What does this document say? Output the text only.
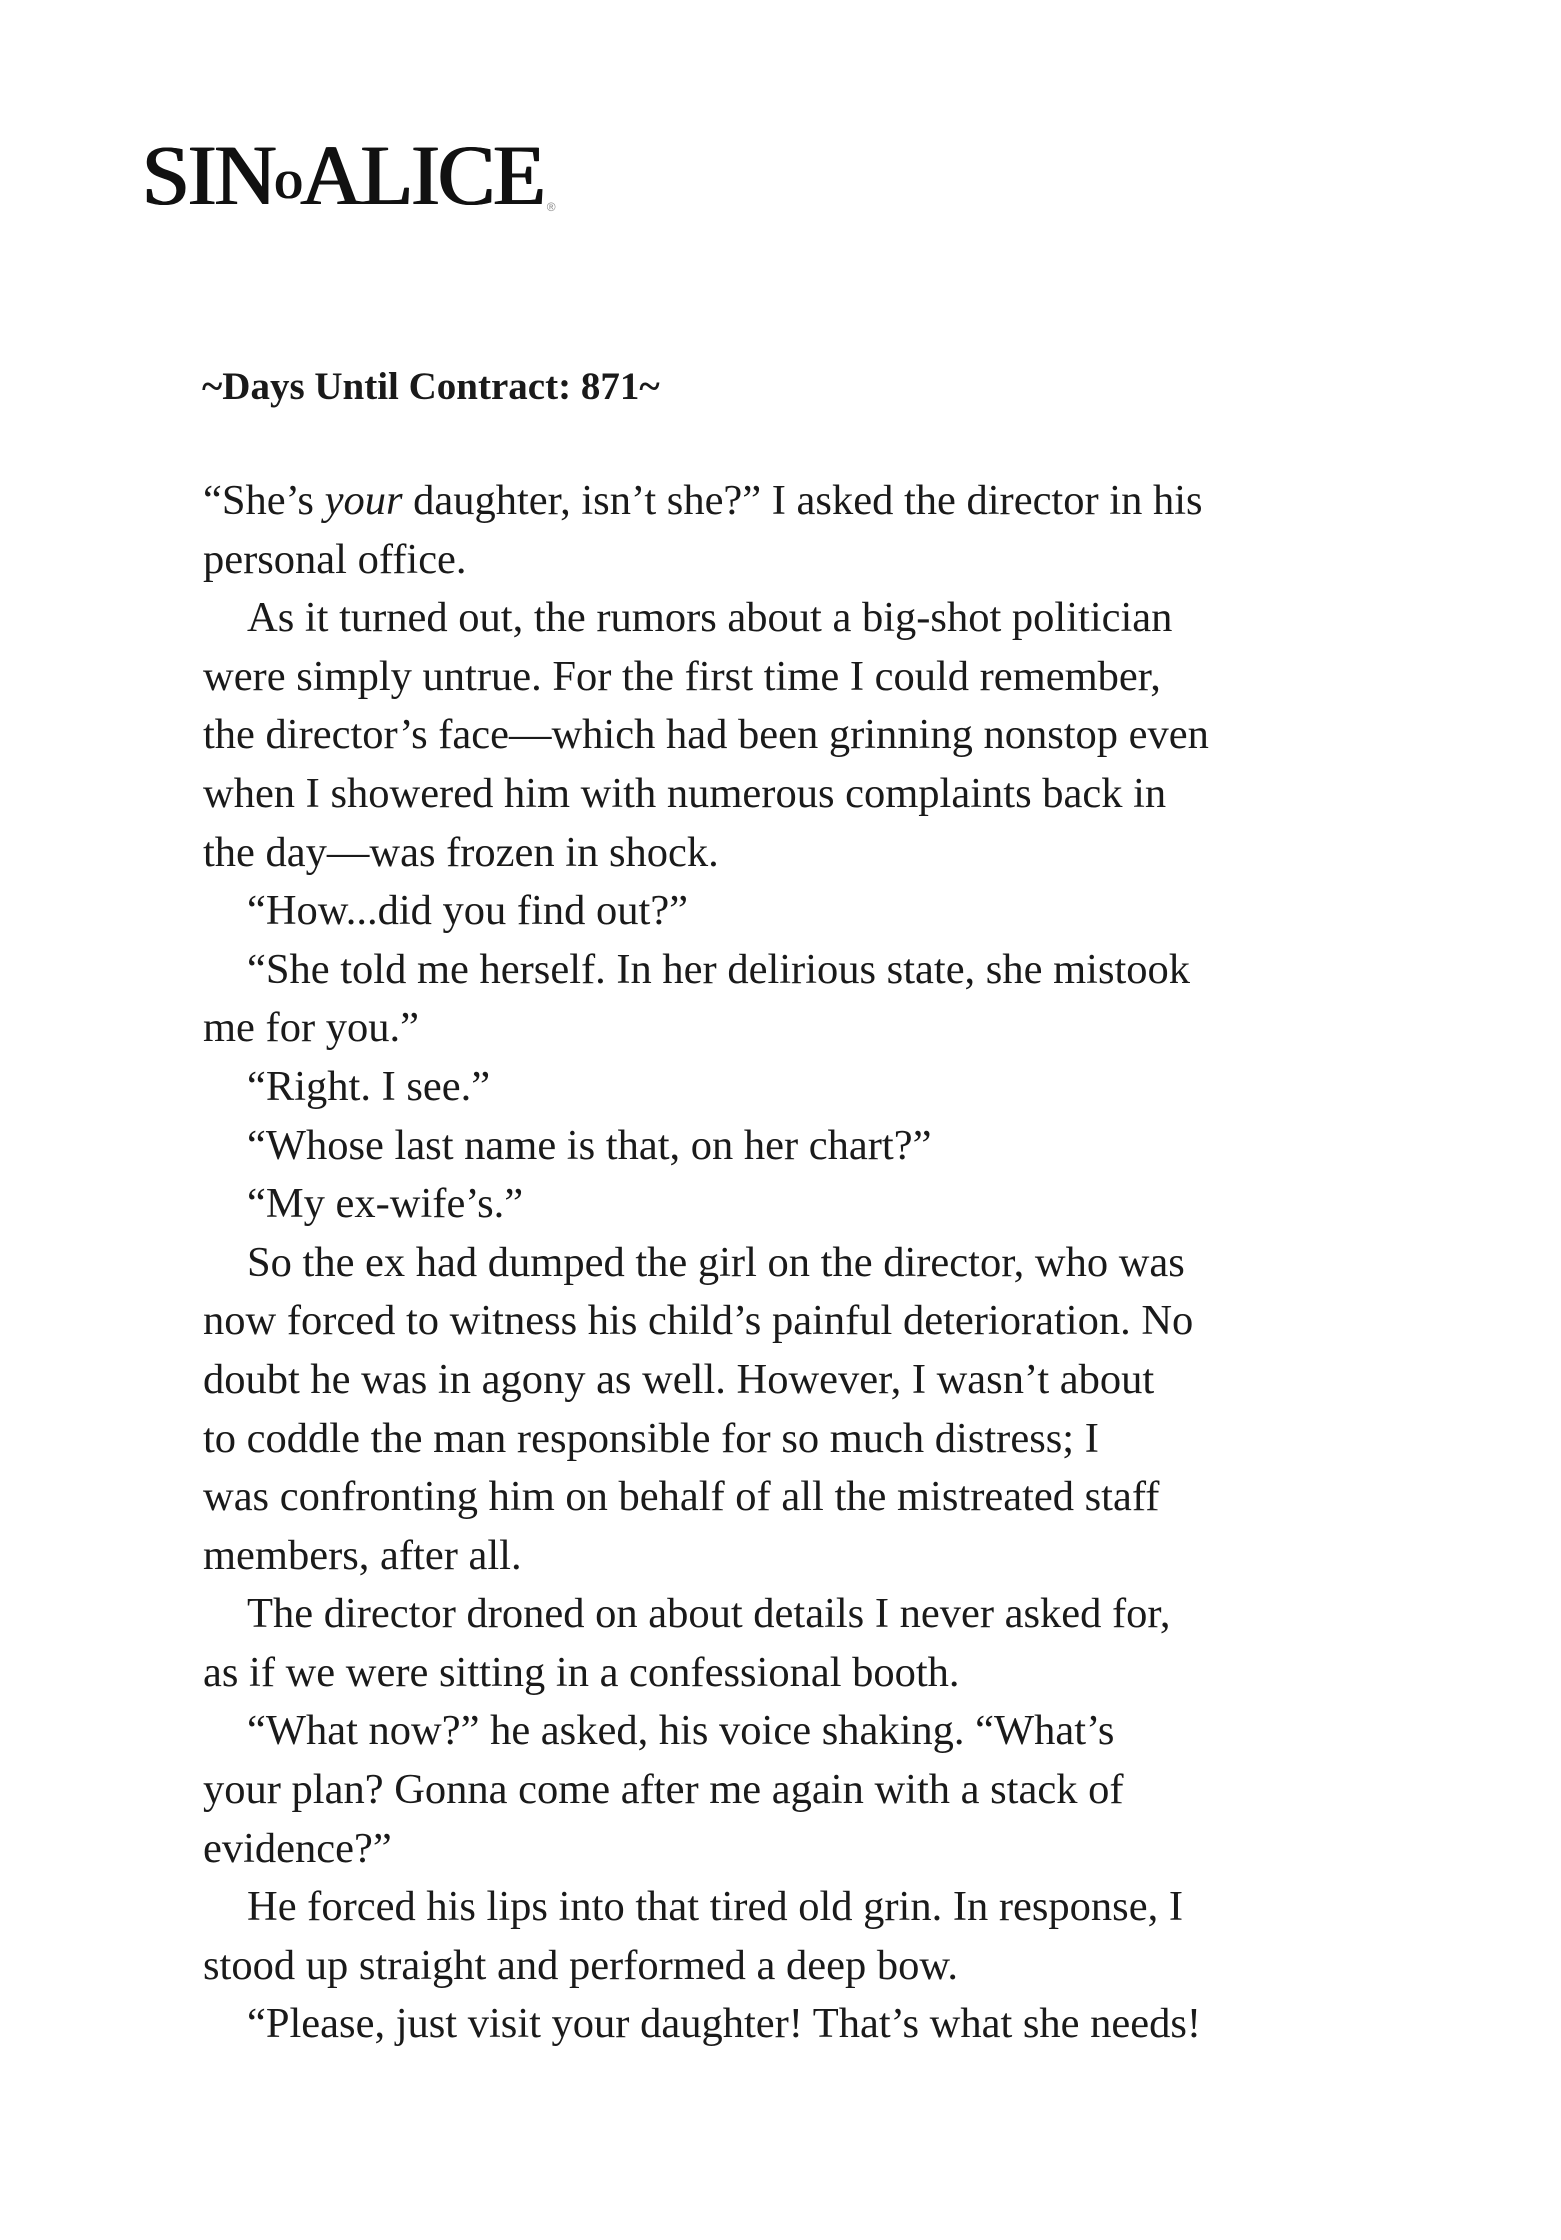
SINoALICE ®
~Days Until Contract: 871~
“She’s your daughter, isn’t she?” I asked the director in his
personal office.
As it turned out, the rumors about a big-shot politician
were simply untrue. For the first time I could remember,
the director’s face—which had been grinning nonstop even
when I showered him with numerous complaints back in
the day—was frozen in shock.
“How...did you find out?”
“She told me herself. In her delirious state, she mistook
me for you.”
“Right. I see.”
“Whose last name is that, on her chart?”
“My ex-wife’s.”
So the ex had dumped the girl on the director, who was
now forced to witness his child’s painful deterioration. No
doubt he was in agony as well. However, I wasn’t about
to coddle the man responsible for so much distress; I
was confronting him on behalf of all the mistreated staff
members, after all.
The director droned on about details I never asked for,
as if we were sitting in a confessional booth.
“What now?” he asked, his voice shaking. “What’s
your plan? Gonna come after me again with a stack of
evidence?”
He forced his lips into that tired old grin. In response, I
stood up straight and performed a deep bow.
“Please, just visit your daughter! That’s what she needs!
